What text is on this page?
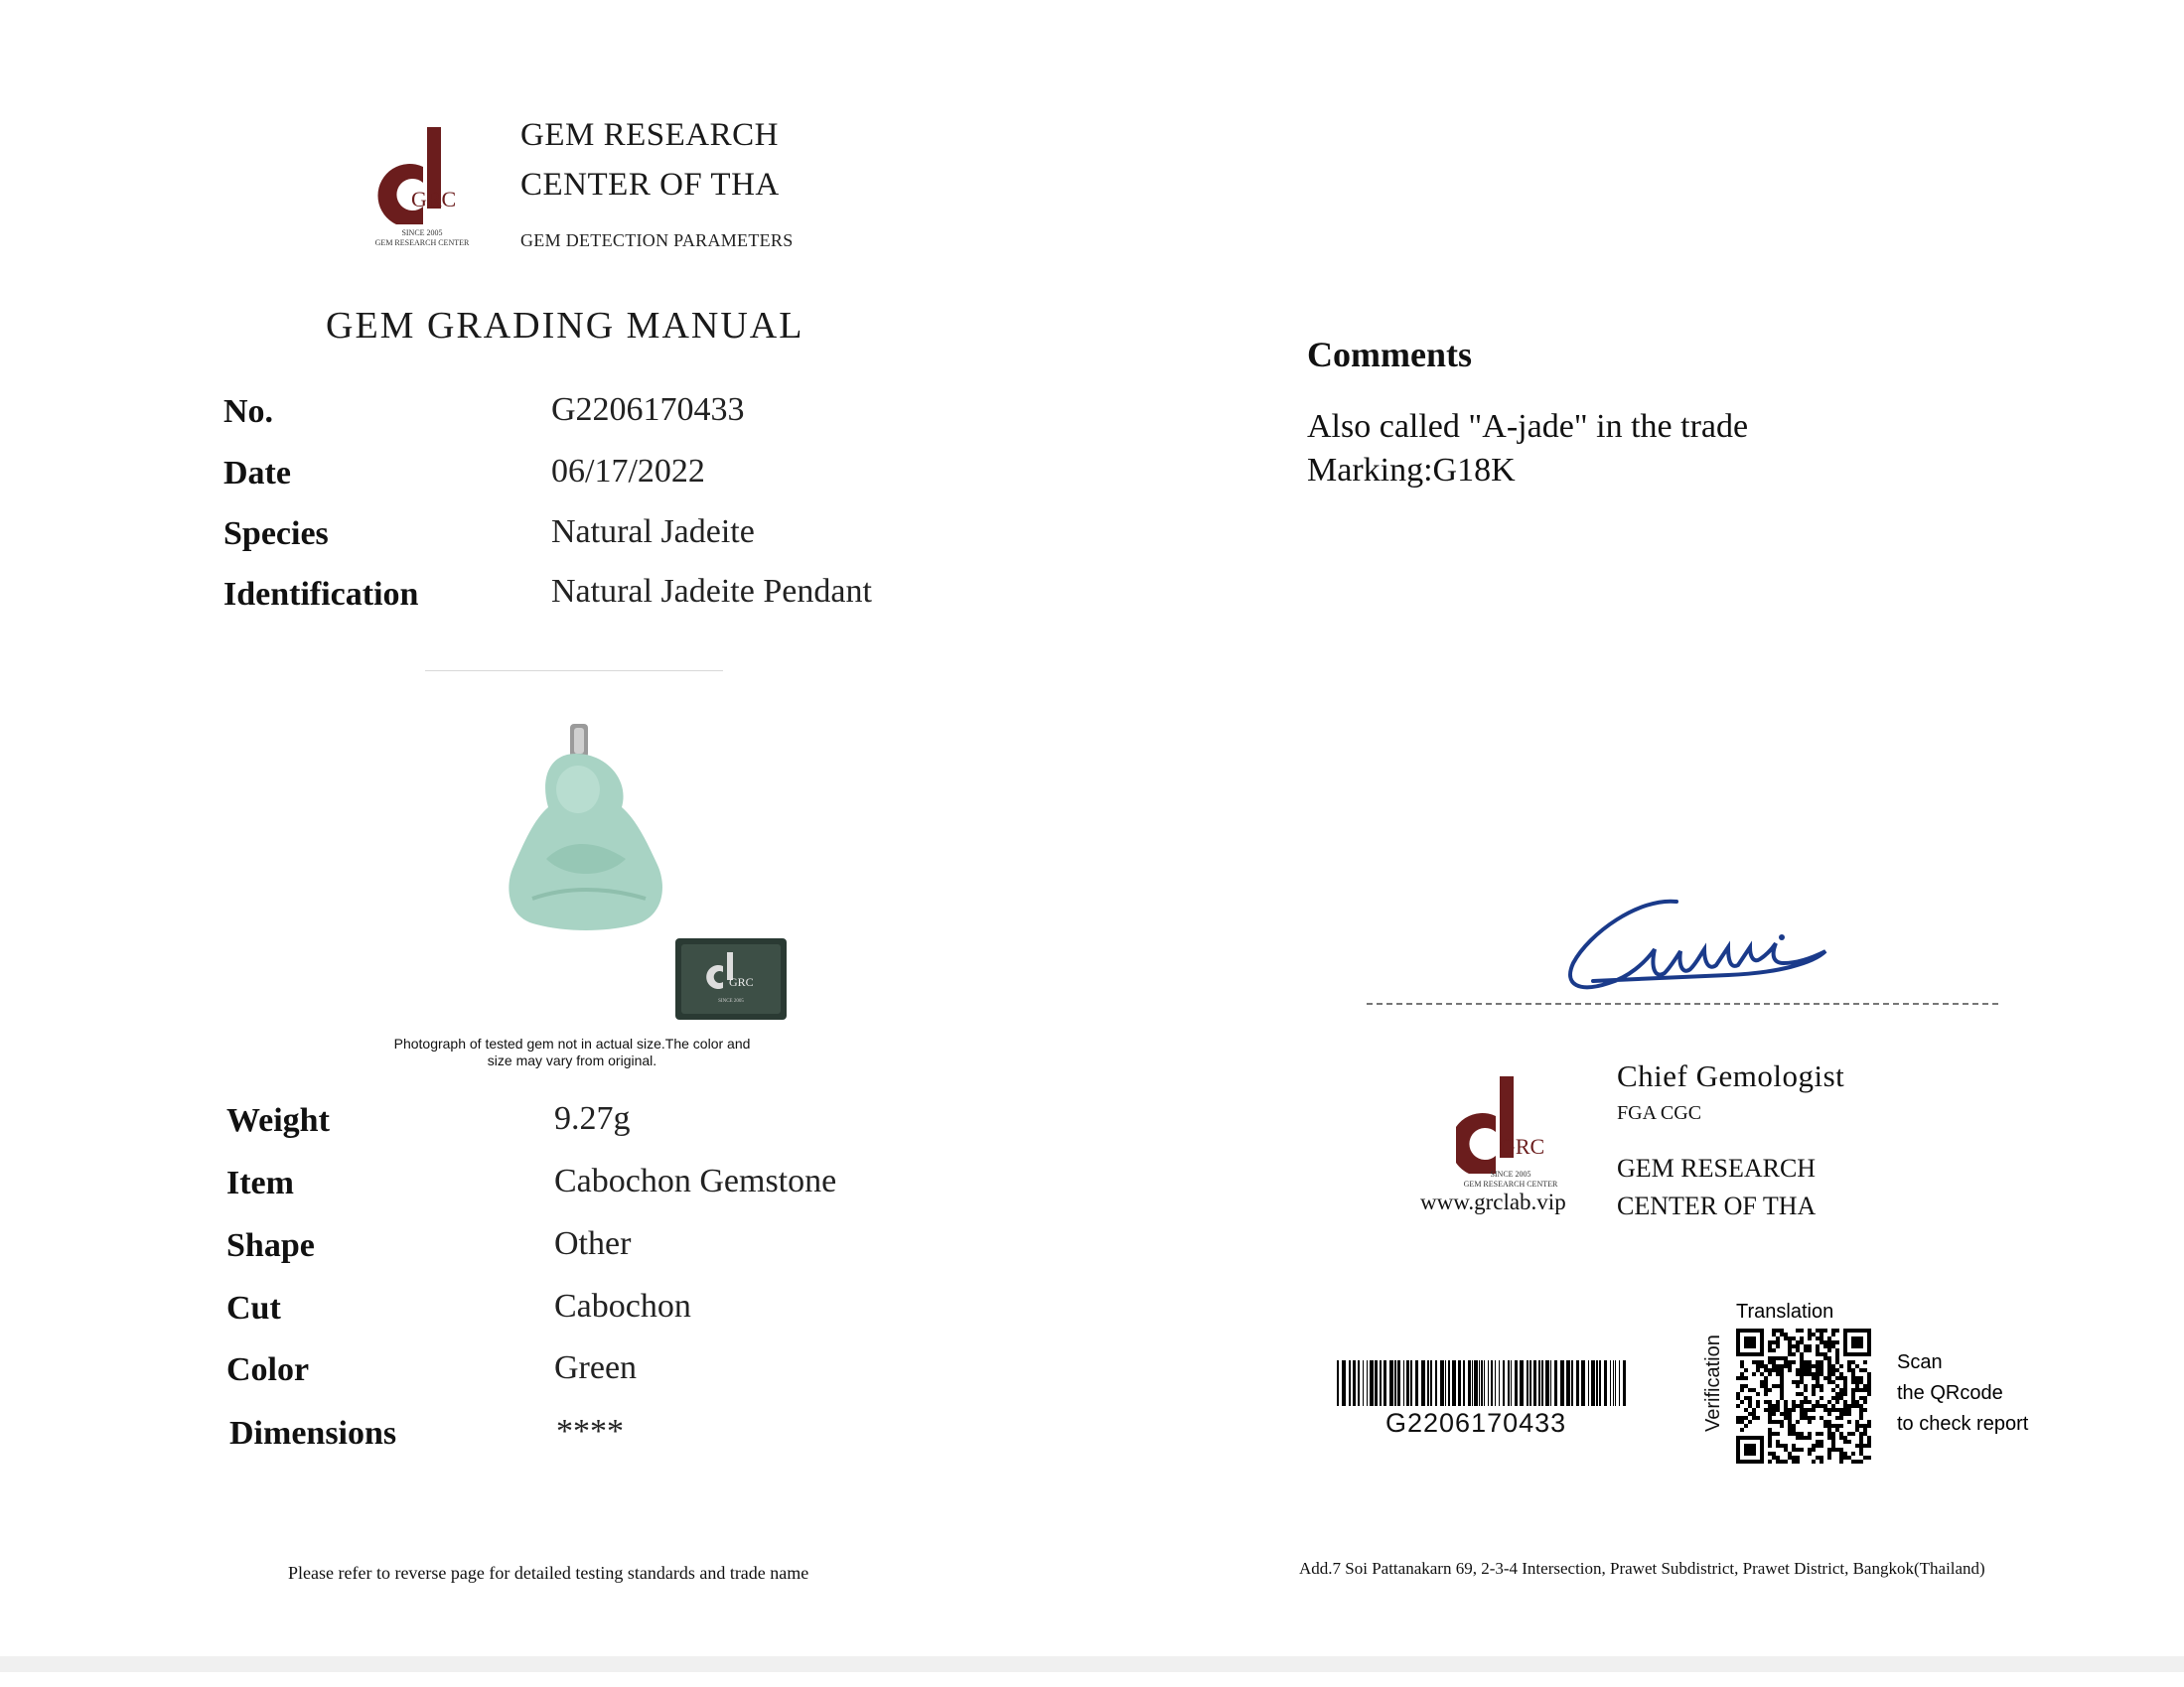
GRC
SINCE 2005
GEM RESEARCH CENTER
GEM RESEARCH
CENTER OF THA
GEM DETECTION PARAMETERS
GEM GRADING MANUAL
No.	G2206170433
Date	06/17/2022
Species	Natural Jadeite
Identification	Natural Jadeite Pendant
GRC
SINCE 2005
Photograph of tested gem not in actual size.The color and
size may vary from original.
Weight	9.27g
Item	Cabochon Gemstone
Shape	Other
Cut	Cabochon
Color	Green
Dimensions	****
Please refer to reverse page for detailed testing standards and trade name
Comments
Also called "A-jade" in the trade
Marking:G18K
GRC
SINCE 2005
GEM RESEARCH CENTER
www.grclab.vip
Chief Gemologist
FGA CGC
GEM RESEARCH
CENTER OF THA
G2206170433
Translation
Verification	Scan
the QRcode
to check report
Add.7 Soi Pattanakarn 69, 2-3-4 Intersection, Prawet Subdistrict, Prawet District, Bangkok(Thailand)
